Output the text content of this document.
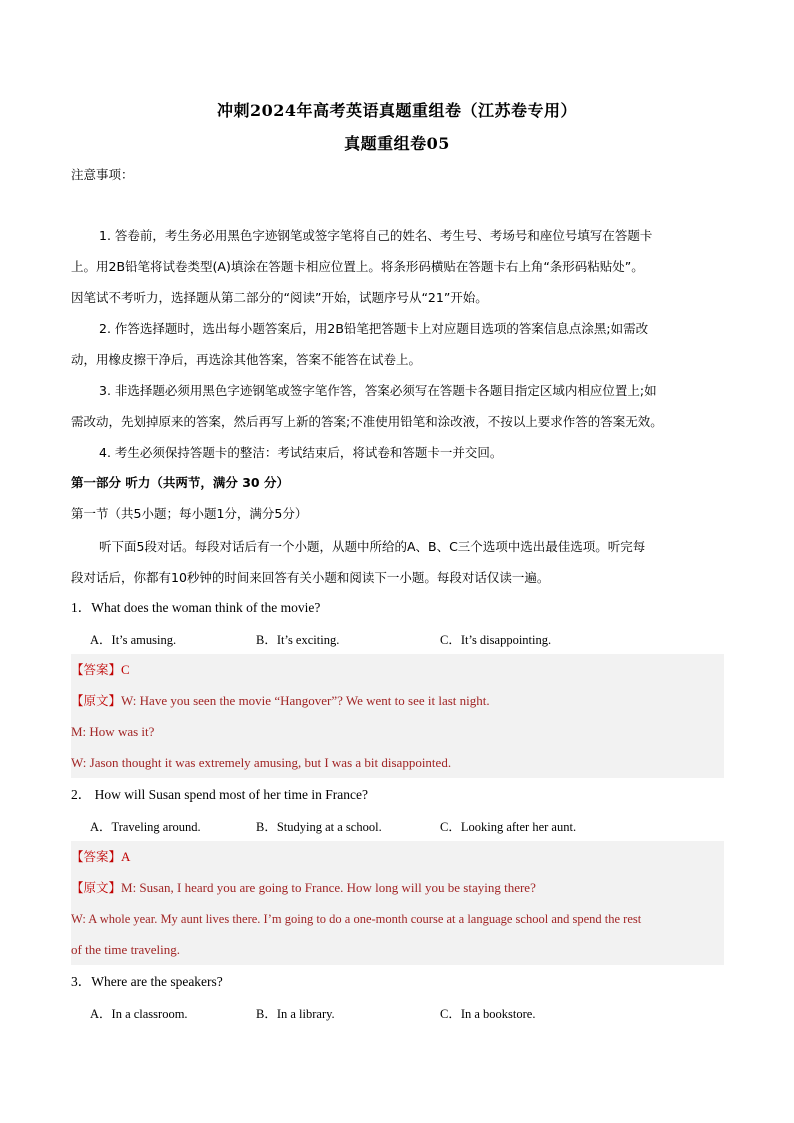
冲刺2024年高考英语真题重组卷（江苏卷专用）
真题重组卷05
注意事项：
1. 答卷前，考生务必用黑色字迹钢笔或签字笔将自己的姓名、考生号、考场号和座位号填写在答题卡
上。用2B铅笔将试卷类型(A)填涂在答题卡相应位置上。将条形码横贴在答题卡右上角“条形码粘贴处”。
因笔试不考听力，选择题从第二部分的“阅读”开始，试题序号从“21”开始。
2. 作答选择题时，选出每小题答案后，用2B铅笔把答题卡上对应题目选项的答案信息点涂黑;如需改
动，用橡皮擦干净后，再选涂其他答案，答案不能答在试卷上。
3. 非选择题必须用黑色字迹钢笔或签字笔作答，答案必须写在答题卡各题目指定区域内相应位置上;如
需改动，先划掉原来的答案，然后再写上新的答案;不准使用铅笔和涂改液，不按以上要求作答的答案无效。
4. 考生必须保持答题卡的整洁：考试结束后，将试卷和答题卡一并交回。
第一部分 听力（共两节，满分 30 分）
第一节（共5小题；每小题1分，满分5分）
听下面5段对话。每段对话后有一个小题，从题中所给的A、B、C三个选项中选出最佳选项。听完每
段对话后，你都有10秒钟的时间来回答有关小题和阅读下一小题。每段对话仅读一遍。
1．What does the woman think of the movie?
A．It’s amusing.	B．It’s exciting.	C．It’s disappointing.
【答案】C
【原文】W: Have you seen the movie “Hangover”? We went to see it last night.
M: How was it?
W: Jason thought it was extremely amusing, but I was a bit disappointed.
2． How will Susan spend most of her time in France?
A．Traveling around.	B．Studying at a school.	C．Looking after her aunt.
【答案】A
【原文】M: Susan, I heard you are going to France. How long will you be staying there?
W: A whole year. My aunt lives there. I’m going to do a one-month course at a language school and spend the rest
of the time traveling.
3．Where are the speakers?
A．In a classroom.	B．In a library.	C．In a bookstore.
